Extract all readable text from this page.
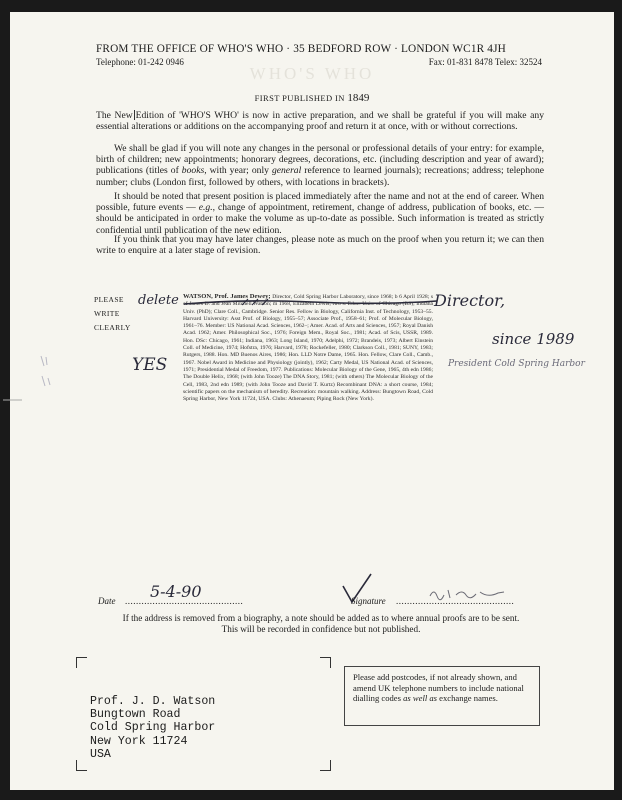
FROM THE OFFICE OF WHO'S WHO · 35 BEDFORD ROW · LONDON WC1R 4JH
Telephone: 01-242 0946	Fax: 01-831 8478 Telex: 32524
WHO'S WHO
FIRST PUBLISHED IN 1849
The New Edition of 'WHO'S WHO' is now in active preparation, and we shall be grateful if you will make any essential alterations or additions on the accompanying proof and return it at once, with or without corrections.
We shall be glad if you will note any changes in the personal or professional details of your entry: for example, birth of children; new appointments; honorary degrees, decorations, etc. (including description and year of award); publications (titles of books, with year; only general reference to learned journals); recreations; address; telephone number; clubs (London first, followed by others, with locations in brackets).
It should be noted that present position is placed immediately after the name and not at the end of career. When possible, future events — e.g., change of appointment, retirement, change of address, publication of books, etc. — should be anticipated in order to make the volume as up-to-date as possible. Such information is treated as strictly confidential until publication of the new edition.
If you think that you may have later changes, please note as much on the proof when you return it; we can then write to enquire at a later stage of revision.
PLEASE
WRITE
CLEARLY
WATSON, Prof. James Dewey; Director, Cold Spring Harbor Laboratory, since 1968; b 6 April 1928; s of James D. and Jean Mitchell Watson; m 1968, Elizabeth Lewis; two s. Educ: Univ. of Chicago (BS); Indiana Univ. (PhD); Clare Coll., Cambridge. Senior Res. Fellow in Biology, California Inst. of Technology, 1953–55. Harvard University: Asst Prof. of Biology, 1955–57; Associate Prof., 1958–61; Prof. of Molecular Biology, 1961–76. Member: US National Acad. Sciences, 1962–; Amer. Acad. of Arts and Sciences, 1957; Royal Danish Acad. 1962; Amer. Philosophical Soc., 1976; Foreign Mem., Royal Soc., 1981; Acad. of Scis, USSR, 1989. Hon. DSc: Chicago, 1961; Indiana, 1963; Long Island, 1970; Adelphi, 1972; Brandeis, 1973; Albert Einstein Coll. of Medicine, 1974; Hofstra, 1976; Harvard, 1978; Rockefeller, 1980; Clarkson Coll., 1981; SUNY, 1983; Rutgers, 1988. Hon. MD Buenos Aires, 1986; Hon. LLD Notre Dame, 1965. Hon. Fellow, Clare Coll., Camb., 1967. Nobel Award in Medicine and Physiology (jointly), 1962; Carty Medal, US National Acad. of Sciences, 1971; Presidential Medal of Freedom, 1977. Publications: Molecular Biology of the Gene, 1965, 4th edn 1986; The Double Helix, 1968; (with John Tooze) The DNA Story, 1981; (with others) The Molecular Biology of the Cell, 1983, 2nd edn 1989; (with John Tooze and David T. Kurtz) Recombinant DNA: a short course, 1984; scientific papers on the mechanism of heredity. Recreation: mountain walking. Address: Bungtown Road, Cold Spring Harbor, New York 11724, USA. Clubs: Athenaeum; Piping Rock (New York).
delete	Director,
since 1989
President Cold Spring Harbor
YES
Date ...........................................
5-4-90	Signature ...........................................
If the address is removed from a biography, a note should be added as to where annual proofs are to be sent.
This will be recorded in confidence but not published.
Prof. J. D. Watson
Bungtown Road
Cold Spring Harbor
New York 11724
USA
Please add postcodes, if not already shown, and amend UK telephone numbers to include national dialling codes as well as exchange names.
